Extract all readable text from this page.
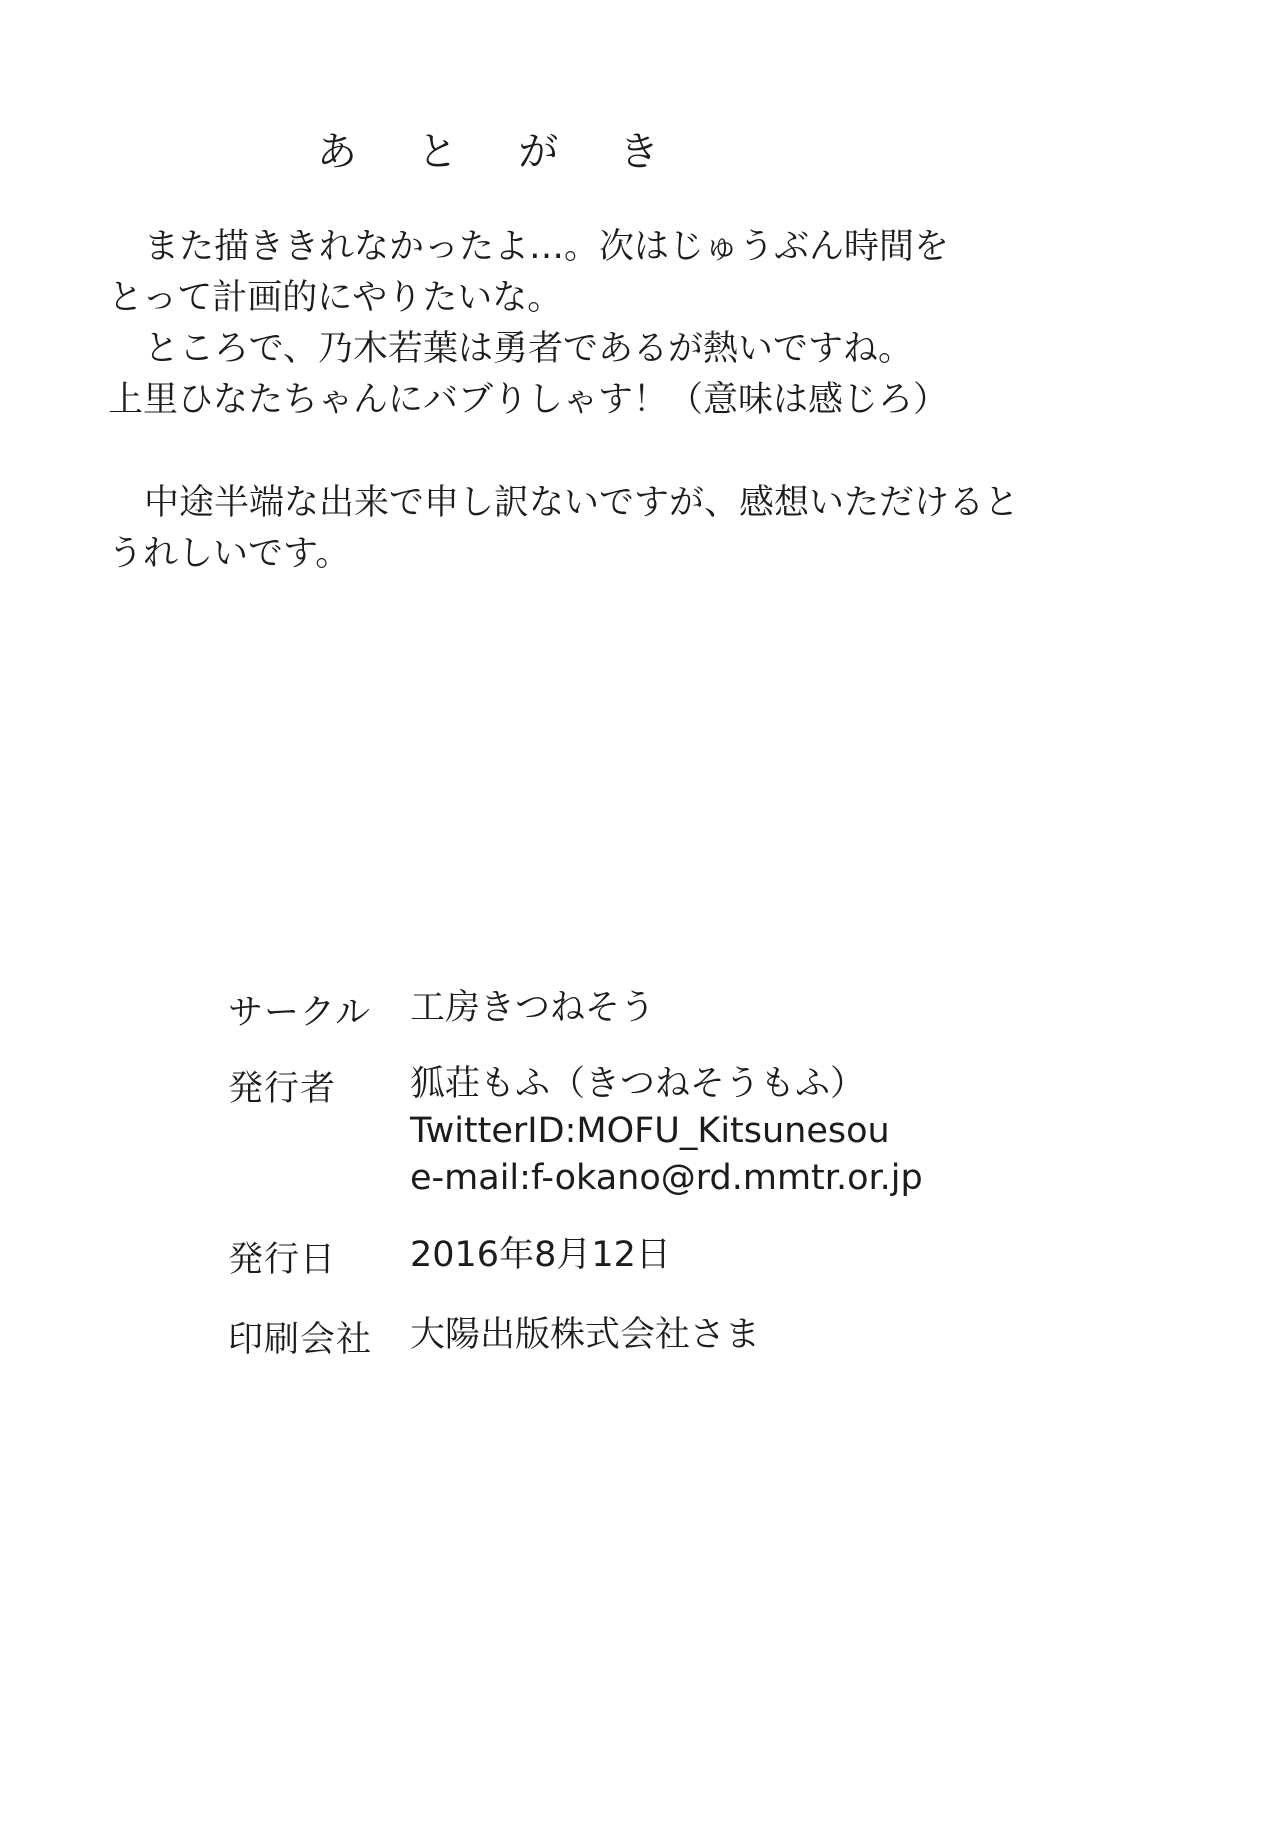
あ と が き

また描ききれなかったよ…。次はじゅうぶん時間を

とって計画的にやりたいな。

ところで、乃木若葉は勇者であるが熱いですね。

上里ひなたちゃんにバブりしゃす！（意味は感じろ）

中途半端な出来で申し訳ないですが、感想いただけると

うれしいです。

サークル	工房きつねそう
発行者	狐荘もふ（きつねそうもふ）
TwitterID:MOFU_Kitsunesou
e-mail:f-okano@rd.mmtr.or.jp
発行日	2016年8月12日
印刷会社	大陽出版株式会社さま
